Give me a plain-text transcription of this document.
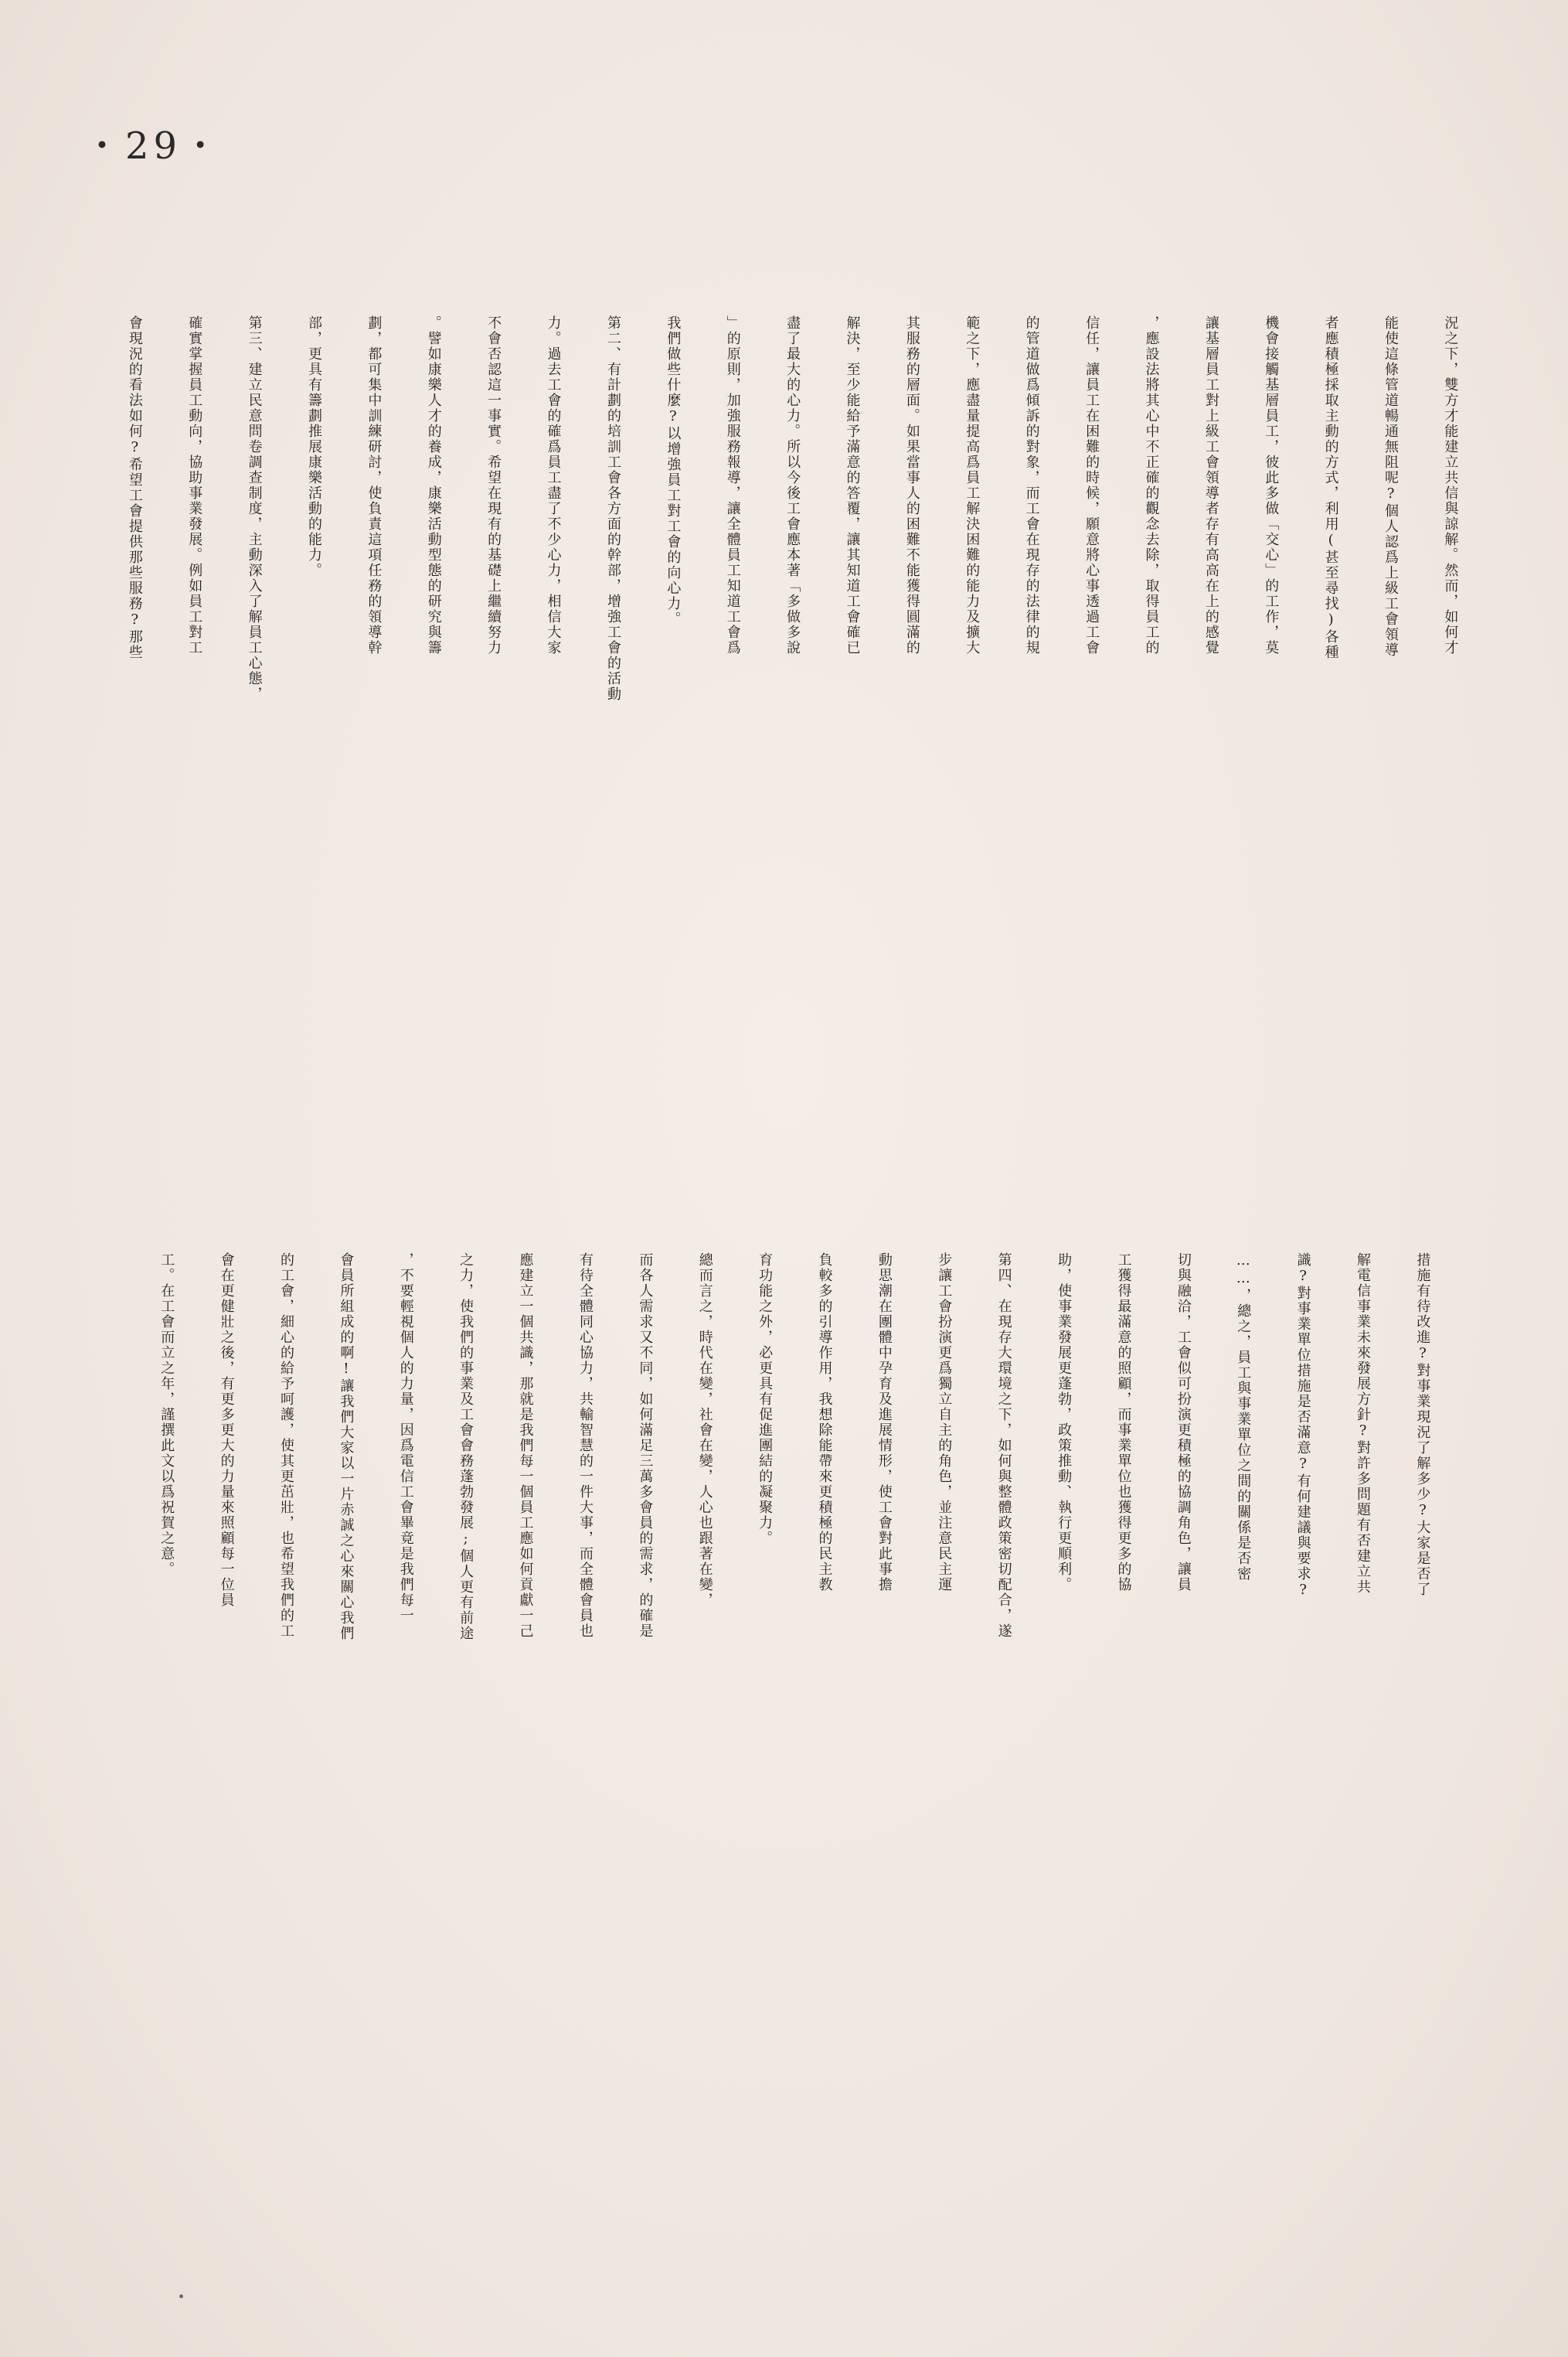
・29・

況之下，雙方才能建立共信與諒解。然而，如何才

能使這條管道暢通無阻呢?個人認爲上級工會領導

者應積極採取主動的方式，利用(甚至尋找)各種

機會接觸基層員工，彼此多做「交心」的工作，莫

讓基層員工對上級工會領導者存有高高在上的感覺

，應設法將其心中不正確的觀念去除，取得員工的

信任，讓員工在困難的時候，願意將心事透過工會

的管道做爲傾訴的對象，而工會在現存的法律的規

範之下，應盡量提高爲員工解決困難的能力及擴大

其服務的層面。如果當事人的困難不能獲得圓滿的

解決，至少能給予滿意的答覆，讓其知道工會確已

盡了最大的心力。所以今後工會應本著「多做多說

」的原則，加強服務報導，讓全體員工知道工會爲

我們做些什麼?以增強員工對工會的向心力。

第二、有計劃的培訓工會各方面的幹部，增強工會的活動

力。過去工會的確爲員工盡了不少心力，相信大家

不會否認這一事實。希望在現有的基礎上繼續努力

。譬如康樂人才的養成，康樂活動型態的研究與籌

劃，都可集中訓練研討，使負責這項任務的領導幹

部，更具有籌劃推展康樂活動的能力。

第三、建立民意問卷調查制度，主動深入了解員工心態，

確實掌握員工動向，協助事業發展。例如員工對工

會現況的看法如何?希望工會提供那些服務?那些

措施有待改進?對事業現況了解多少?大家是否了

解電信事業未來發展方針?對許多問題有否建立共

識?對事業單位措施是否滿意?有何建議與要求?

……，總之，員工與事業單位之間的關係是否密

切與融洽，工會似可扮演更積極的協調角色，讓員

工獲得最滿意的照顧，而事業單位也獲得更多的協

助，使事業發展更蓬勃，政策推動、執行更順利。

第四、在現存大環境之下，如何與整體政策密切配合，遂

步讓工會扮演更爲獨立自主的角色，並注意民主運

動思潮在團體中孕育及進展情形，使工會對此事擔

負較多的引導作用，我想除能帶來更積極的民主教

育功能之外，必更具有促進團結的凝聚力。

總而言之，時代在變，社會在變，人心也跟著在變，

而各人需求又不同，如何滿足三萬多會員的需求，的確是

有待全體同心協力，共輸智慧的一件大事，而全體會員也

應建立一個共識，那就是我們每一個員工應如何貢獻一己

之力，使我們的事業及工會會務蓬勃發展;個人更有前途

，不要輕視個人的力量，因爲電信工會畢竟是我們每一

會員所組成的啊!讓我們大家以一片赤誠之心來關心我們

的工會，細心的給予呵護，使其更茁壯，也希望我們的工

會在更健壯之後，有更多更大的力量來照顧每一位員

工。在工會而立之年，謹撰此文以爲祝賀之意。
